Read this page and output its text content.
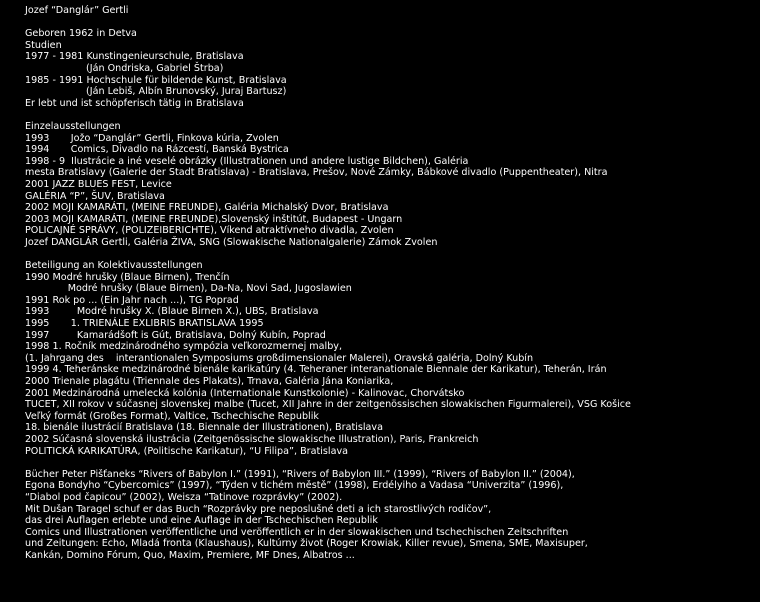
Jozef “Danglár” Gertli
Geboren 1962 in Detva
Studien
1977 - 1981 Kunstingenieurschule, Bratislava
(Ján Ondriska, Gabriel Štrba)
1985 - 1991 Hochschule für bildende Kunst, Bratislava
(Ján Lebiš, Albín Brunovský, Juraj Bartusz)
Er lebt und ist schöpferisch tätig in Bratislava
Einzelausstellungen
1993       Jožo “Danglár” Gertli, Finkova kúria, Zvolen
1994       Comics, Divadlo na Rázcestí, Banská Bystrica
1998 - 9  Ilustrácie a iné veselé obrázky (Illustrationen und andere lustige Bildchen), Galéria
mesta Bratislavy (Galerie der Stadt Bratislava) - Bratislava, Prešov, Nové Zámky, Bábkové divadlo (Puppentheater), Nitra
2001 JAZZ BLUES FEST, Levice
GALÉRIA “P”, ŠUV, Bratislava
2002 MOJI KAMARÁTI, (MEINE FREUNDE), Galéria Michalský Dvor, Bratislava
2003 MOJI KAMARÁTI, (MEINE FREUNDE),Slovenský inštitút, Budapest - Ungarn
POLICAJNÉ SPRÁVY, (POLIZEIBERICHTE), Víkend atraktívneho divadla, Zvolen
Jozef DANGLÁR Gertli, Galéria ŽIVA, SNG (Slowakische Nationalgalerie) Zámok Zvolen
Beteiligung an Kolektivausstellungen
1990 Modré hrušky (Blaue Birnen), Trenčín
Modré hrušky (Blaue Birnen), Da-Na, Novi Sad, Jugoslawien
1991 Rok po ... (Ein Jahr nach ...), TG Poprad
1993         Modré hrušky X. (Blaue Birnen X.), UBS, Bratislava
1995       1. TRIENÁLE EXLIBRIS BRATISLAVA 1995
1997         Kamarádšoft is Gút, Bratislava, Dolný Kubín, Poprad
1998 1. Ročník medzinárodného sympózia veľkorozmernej malby,
(1. Jahrgang des    interantionalen Symposiums großdimensionaler Malerei), Oravská galéria, Dolný Kubín
1999 4. Teheránske medzinárodné bienále karikatúry (4. Teheraner interanationale Biennale der Karikatur), Teherán, Irán
2000 Trienale plagátu (Triennale des Plakats), Trnava, Galéria Jána Koniarika,
2001 Medzinárodná umelecká kolónia (Internationale Kunstkolonie) - Kalinovac, Chorvátsko
TUCET, XII rokov v súčasnej slovenskej malbe (Tucet, XII Jahre in der zeitgenössischen slowakischen Figurmalerei), VSG Košice
Veľký formát (Großes Format), Valtice, Tschechische Republik
18. bienále ilustrácií Bratislava (18. Biennale der Illustrationen), Bratislava
2002 Súčasná slovenská ilustrácia (Zeitgenössische slowakische Illustration), Paris, Frankreich
POLITICKÁ KARIKATÚRA, (Politische Karikatur), “U Filipa”, Bratislava
Bücher Peter Pišťaneks “Rivers of Babylon I.” (1991), “Rivers of Babylon III.” (1999), “Rivers of Babylon II.” (2004),
Egona Bondyho “Cybercomics” (1997), “Týden v tichém městě” (1998), Erdélyiho a Vadasa “Univerzita” (1996),
“Diabol pod čapicou” (2002), Weisza “Tatinove rozprávky” (2002).
Mit Dušan Taragel schuf er das Buch “Rozprávky pre neposlušné deti a ich starostlivých rodičov”,
das drei Auflagen erlebte und eine Auflage in der Tschechischen Republik
Comics und Illustrationen veröffentliche und veröffentlich er in der slowakischen und tschechischen Zeitschriften
und Zeitungen: Echo, Mladá fronta (Klaushaus), Kultúrny život (Roger Krowiak, Killer revue), Smena, SME, Maxisuper,
Kankán, Domino Fórum, Quo, Maxim, Premiere, MF Dnes, Albatros ...
